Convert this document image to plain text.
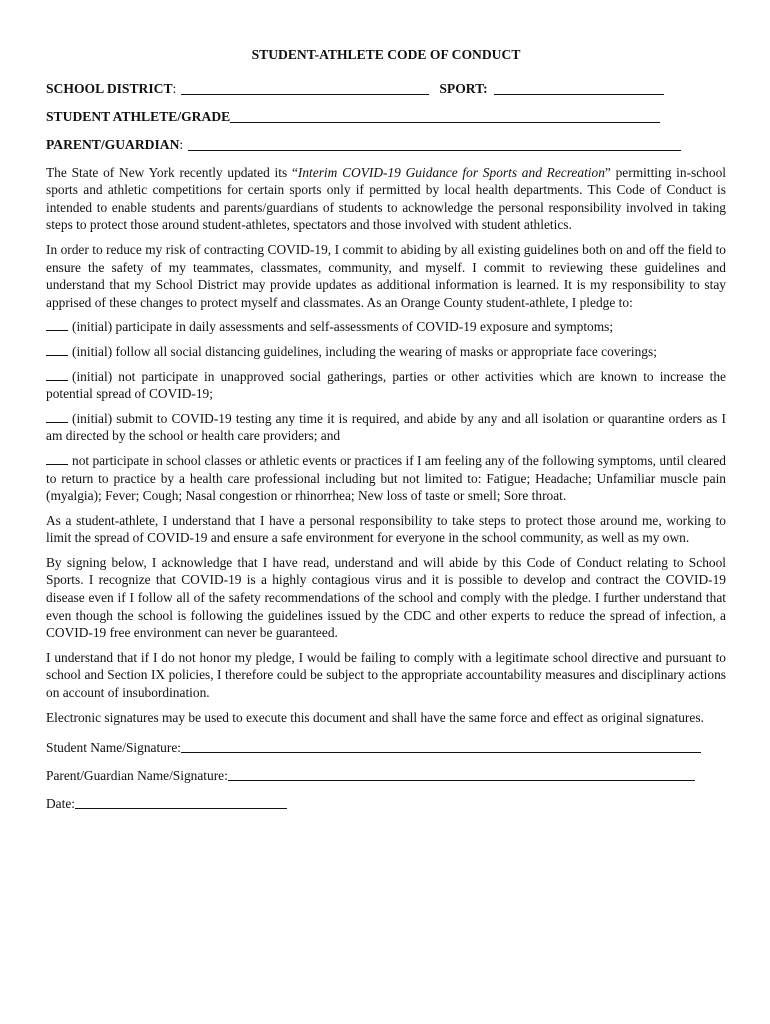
STUDENT-ATHLETE CODE OF CONDUCT
SCHOOL DISTRICT :	SPORT:
STUDENT ATHLETE/GRADE
PARENT/GUARDIAN :

The State of New York recently updated its “Interim COVID-19 Guidance for Sports and Recreation” permitting in-school sports and athletic competitions for certain sports only if permitted by local health departments. This Code of Conduct is intended to enable students and parents/guardians of students to acknowledge the personal responsibility involved in taking steps to protect those around student-athletes, spectators and those involved with student athletics.

In order to reduce my risk of contracting COVID-19, I commit to abiding by all existing guidelines both on and off the field to ensure the safety of my teammates, classmates, community, and myself. I commit to reviewing these guidelines and understand that my School District may provide updates as additional information is learned. It is my responsibility to stay apprised of these changes to protect myself and classmates. As an Orange County student-athlete, I pledge to:

(initial) participate in daily assessments and self-assessments of COVID-19 exposure and symptoms;

(initial) follow all social distancing guidelines, including the wearing of masks or appropriate face coverings;

(initial) not participate in unapproved social gatherings, parties or other activities which are known to increase the potential spread of COVID-19;

(initial) submit to COVID-19 testing any time it is required, and abide by any and all isolation or quarantine orders as I am directed by the school or health care providers; and

not participate in school classes or athletic events or practices if I am feeling any of the following symptoms, until cleared to return to practice by a health care professional including but not limited to: Fatigue; Headache; Unfamiliar muscle pain (myalgia); Fever; Cough; Nasal congestion or rhinorrhea; New loss of taste or smell; Sore throat.

As a student-athlete, I understand that I have a personal responsibility to take steps to protect those around me, working to limit the spread of COVID-19 and ensure a safe environment for everyone in the school community, as well as my own.

By signing below, I acknowledge that I have read, understand and will abide by this Code of Conduct relating to School Sports. I recognize that COVID-19 is a highly contagious virus and it is possible to develop and contract the COVID-19 disease even if I follow all of the safety recommendations of the school and comply with the pledge. I further understand that even though the school is following the guidelines issued by the CDC and other experts to reduce the spread of infection, a COVID-19 free environment can never be guaranteed.

I understand that if I do not honor my pledge, I would be failing to comply with a legitimate school directive and pursuant to school and Section IX policies, I therefore could be subject to the appropriate accountability measures and disciplinary actions on account of insubordination.

Electronic signatures may be used to execute this document and shall have the same force and effect as original signatures.

Student Name/Signature:
Parent/Guardian Name/Signature:
Date:
